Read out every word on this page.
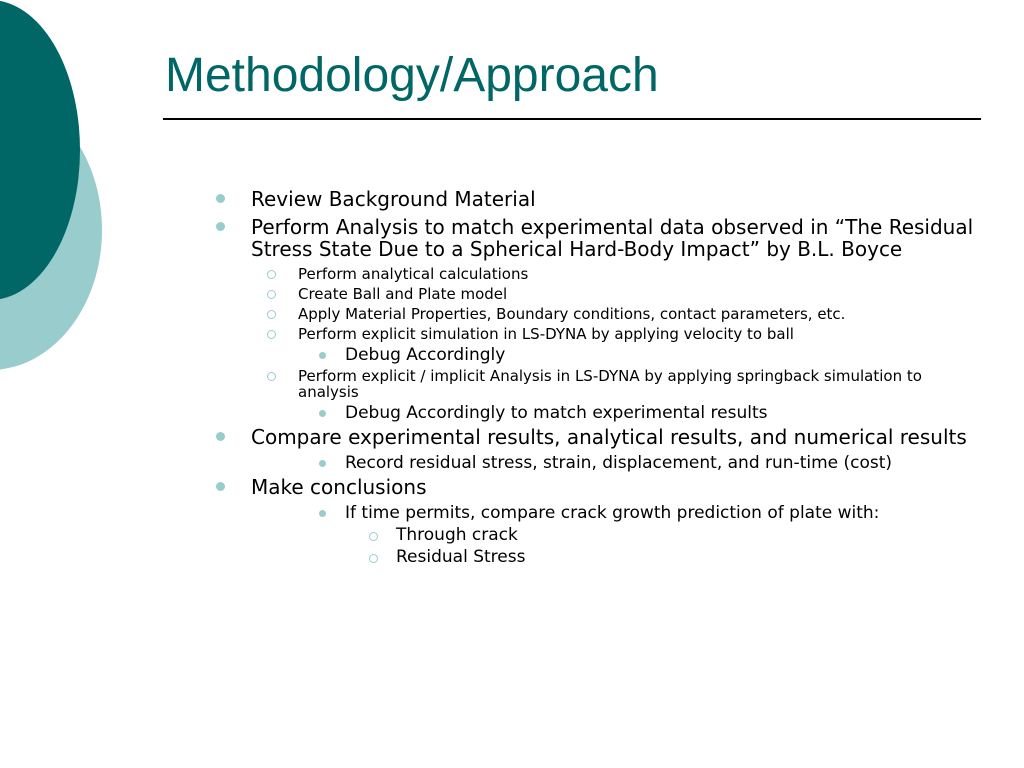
Methodology/Approach
Review Background Material
Perform Analysis to match experimental data observed in “The Residual Stress State Due to a Spherical Hard-Body Impact” by B.L. Boyce
Perform analytical calculations
Create Ball and Plate model
Apply Material Properties, Boundary conditions, contact parameters, etc.
Perform explicit simulation in LS-DYNA by applying velocity to ball
Debug Accordingly
Perform explicit / implicit Analysis in LS-DYNA by applying springback simulation to analysis
Debug Accordingly to match experimental results
Compare experimental results, analytical results, and numerical results
Record residual stress, strain, displacement, and run-time (cost)
Make conclusions
If time permits, compare crack growth prediction of plate with:
Through crack
Residual Stress
